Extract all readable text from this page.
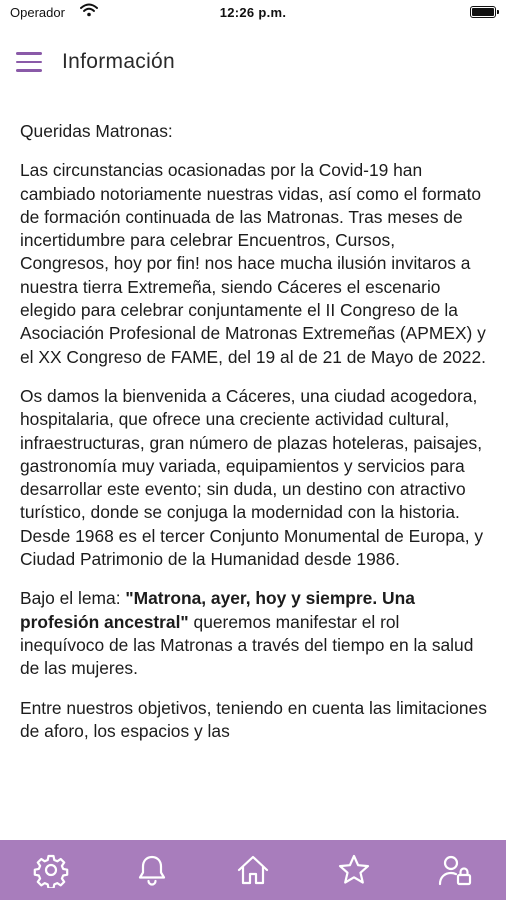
Operador	12:26 p.m.
Información

Queridas Matronas:

Las circunstancias ocasionadas por la Covid-19 han cambiado notoriamente nuestras vidas, así como el formato de formación continuada de las Matronas. Tras meses de incertidumbre para celebrar Encuentros, Cursos, Congresos, hoy por fin! nos hace mucha ilusión invitaros a nuestra tierra Extremeña, siendo Cáceres el escenario elegido para celebrar conjuntamente el II Congreso de la Asociación Profesional de Matronas Extremeñas (APMEX) y el XX Congreso de FAME, del 19 al de 21 de Mayo de 2022.

Os damos la bienvenida a Cáceres, una ciudad acogedora, hospitalaria, que ofrece una creciente actividad cultural, infraestructuras, gran número de plazas hoteleras, paisajes, gastronomía muy variada, equipamientos y servicios para desarrollar este evento; sin duda, un destino con atractivo turístico, donde se conjuga la modernidad con la historia. Desde 1968 es el tercer Conjunto Monumental de Europa, y Ciudad Patrimonio de la Humanidad desde 1986.

Bajo el lema: "Matrona, ayer, hoy y siempre. Una profesión ancestral" queremos manifestar el rol inequívoco de las Matronas a través del tiempo en la salud de las mujeres.

Entre nuestros objetivos, teniendo en cuenta las limitaciones de aforo, los espacios y las
